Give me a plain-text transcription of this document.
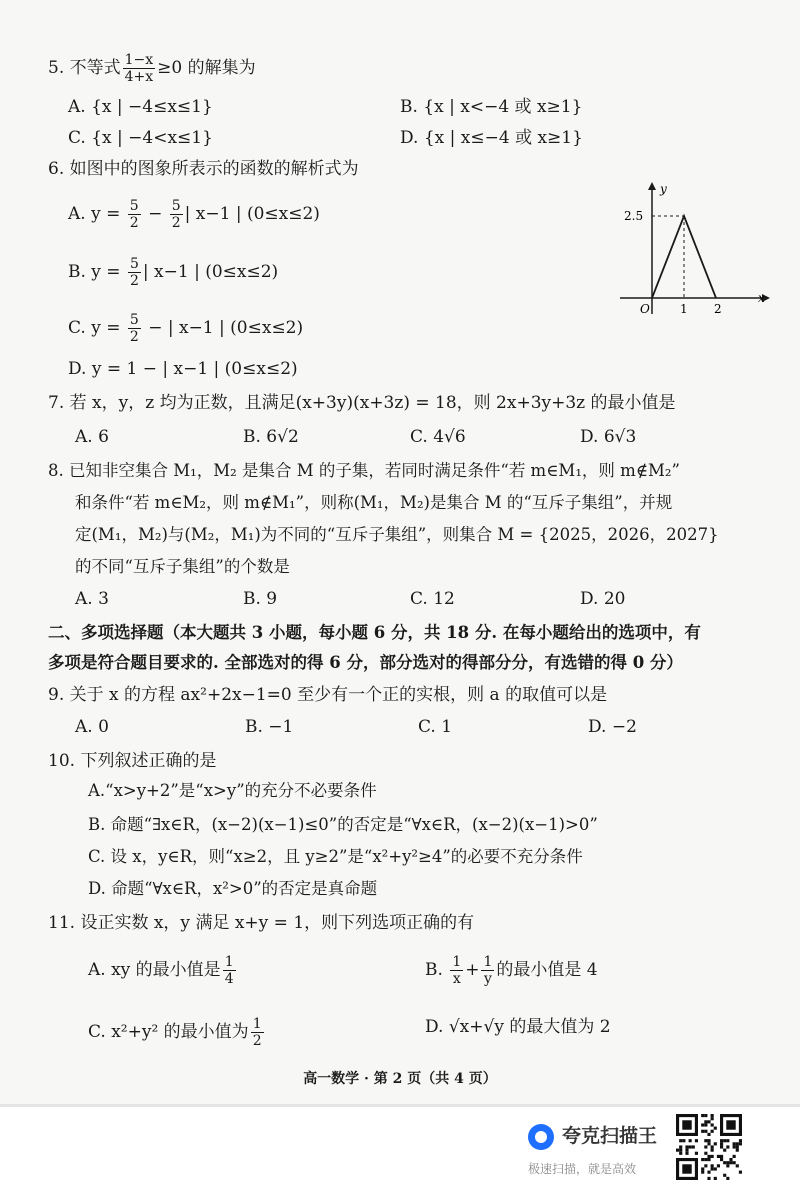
5. 不等式 $\frac{1-x}{4+x} \ge 0$ 的解集为
A. {x | −4≤x≤1}	B. {x | x<−4 或 x≥1}
C. {x | −4<x≤1}	D. {x | x≤−4 或 x≥1}
6. 如图中的图象所表示的函数的解析式为
A. $y = \frac{5}{2} - \frac{5}{2}$ | x−1 | (0≤x≤2)
B. $y = \frac{5}{2}$ | x−1 | (0≤x≤2)
C. $y = \frac{5}{2}$ − | x−1 | (0≤x≤2)
D. y = 1 − | x−1 | (0≤x≤2)
y
x
O	1 2
2.5
7. 若 x，y，z 均为正数，且满足(x+3y)(x+3z) = 18，则 2x+3y+3z 的最小值是
A. 6	B. 6√2	C. 4√6	D. 6√3
8. 已知非空集合 M₁，M₂ 是集合 M 的子集，若同时满足条件“若 m∈M₁，则 m∉M₂”
和条件“若 m∈M₂，则 m∉M₁”，则称(M₁，M₂)是集合 M 的“互斥子集组”，并规
定(M₁，M₂)与(M₂，M₁)为不同的“互斥子集组”，则集合 M = {2025，2026，2027}
的不同“互斥子集组”的个数是
A. 3	B. 9	C. 12	D. 20
二、多项选择题（本大题共 3 小题，每小题 6 分，共 18 分. 在每小题给出的选项中，有
多项是符合题目要求的. 全部选对的得 6 分，部分选对的得部分分，有选错的得 0 分）
9. 关于 x 的方程 ax²+2x−1=0 至少有一个正的实根，则 a 的取值可以是
A. 0	B. −1	C. 1	D. −2
10. 下列叙述正确的是
A.“x>y+2”是“x>y”的充分不必要条件
B. 命题“∃x∈R，(x−2)(x−1)≤0”的否定是“∀x∈R，(x−2)(x−1)>0”
C. 设 x，y∈R，则“x≥2，且 y≥2”是“x²+y²≥4”的必要不充分条件
D. 命题“∀x∈R，x²>0”的否定是真命题
11. 设正实数 x，y 满足 x+y = 1，则下列选项正确的有
A. xy 的最小值是 $\frac{1}{4}$	B. $\frac{1}{x} + \frac{1}{y}$ 的最小值是 4
C. x²+y² 的最小值为 $\frac{1}{2}$	D. √x+√y 的最大值为 2
高一数学 · 第 2 页（共 4 页）
夸克扫描王
极速扫描，就是高效
